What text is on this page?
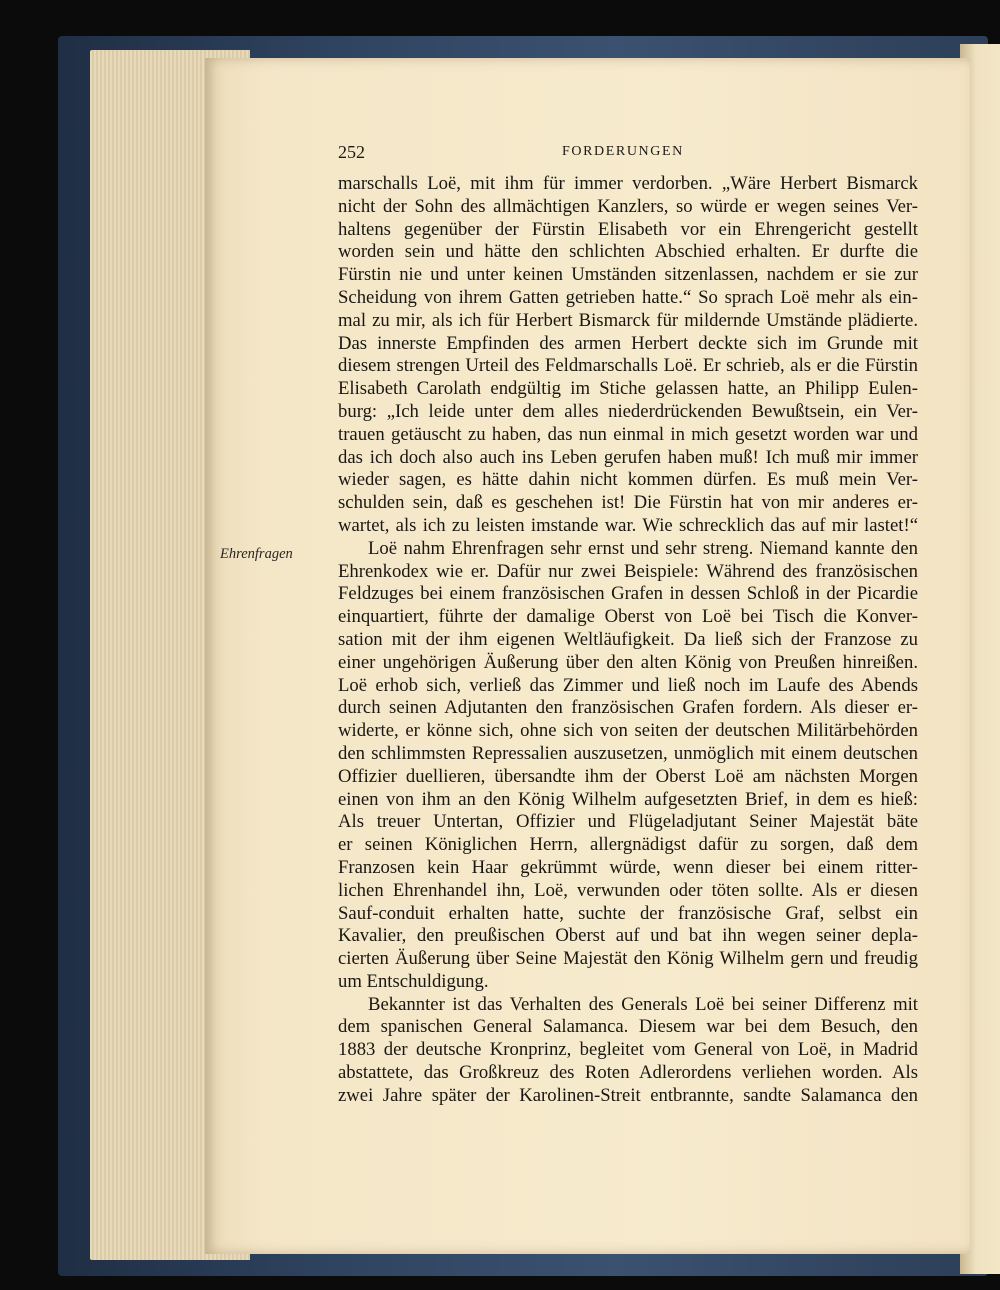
252	FORDERUNGEN
Ehrenfragen
marschalls Loë, mit ihm für immer verdorben. „Wäre Herbert Bismarck
nicht der Sohn des allmächtigen Kanzlers, so würde er wegen seines Ver-
haltens gegenüber der Fürstin Elisabeth vor ein Ehrengericht gestellt
worden sein und hätte den schlichten Abschied erhalten. Er durfte die
Fürstin nie und unter keinen Umständen sitzenlassen, nachdem er sie zur
Scheidung von ihrem Gatten getrieben hatte.“ So sprach Loë mehr als ein-
mal zu mir, als ich für Herbert Bismarck für mildernde Umstände plädierte.
Das innerste Empfinden des armen Herbert deckte sich im Grunde mit
diesem strengen Urteil des Feldmarschalls Loë. Er schrieb, als er die Fürstin
Elisabeth Carolath endgültig im Stiche gelassen hatte, an Philipp Eulen-
burg: „Ich leide unter dem alles niederdrückenden Bewußtsein, ein Ver-
trauen getäuscht zu haben, das nun einmal in mich gesetzt worden war und
das ich doch also auch ins Leben gerufen haben muß! Ich muß mir immer
wieder sagen, es hätte dahin nicht kommen dürfen. Es muß mein Ver-
schulden sein, daß es geschehen ist! Die Fürstin hat von mir anderes er-
wartet, als ich zu leisten imstande war. Wie schrecklich das auf mir lastet!“
Loë nahm Ehrenfragen sehr ernst und sehr streng. Niemand kannte den
Ehrenkodex wie er. Dafür nur zwei Beispiele: Während des französischen
Feldzuges bei einem französischen Grafen in dessen Schloß in der Picardie
einquartiert, führte der damalige Oberst von Loë bei Tisch die Konver-
sation mit der ihm eigenen Weltläufigkeit. Da ließ sich der Franzose zu
einer ungehörigen Äußerung über den alten König von Preußen hinreißen.
Loë erhob sich, verließ das Zimmer und ließ noch im Laufe des Abends
durch seinen Adjutanten den französischen Grafen fordern. Als dieser er-
widerte, er könne sich, ohne sich von seiten der deutschen Militärbehörden
den schlimmsten Repressalien auszusetzen, unmöglich mit einem deutschen
Offizier duellieren, übersandte ihm der Oberst Loë am nächsten Morgen
einen von ihm an den König Wilhelm aufgesetzten Brief, in dem es hieß:
Als treuer Untertan, Offizier und Flügeladjutant Seiner Majestät bäte
er seinen Königlichen Herrn, allergnädigst dafür zu sorgen, daß dem
Franzosen kein Haar gekrümmt würde, wenn dieser bei einem ritter-
lichen Ehrenhandel ihn, Loë, verwunden oder töten sollte. Als er diesen
Sauf-conduit erhalten hatte, suchte der französische Graf, selbst ein
Kavalier, den preußischen Oberst auf und bat ihn wegen seiner depla-
cierten Äußerung über Seine Majestät den König Wilhelm gern und freudig
um Entschuldigung.
Bekannter ist das Verhalten des Generals Loë bei seiner Differenz mit
dem spanischen General Salamanca. Diesem war bei dem Besuch, den
1883 der deutsche Kronprinz, begleitet vom General von Loë, in Madrid
abstattete, das Großkreuz des Roten Adlerordens verliehen worden. Als
zwei Jahre später der Karolinen-Streit entbrannte, sandte Salamanca den
